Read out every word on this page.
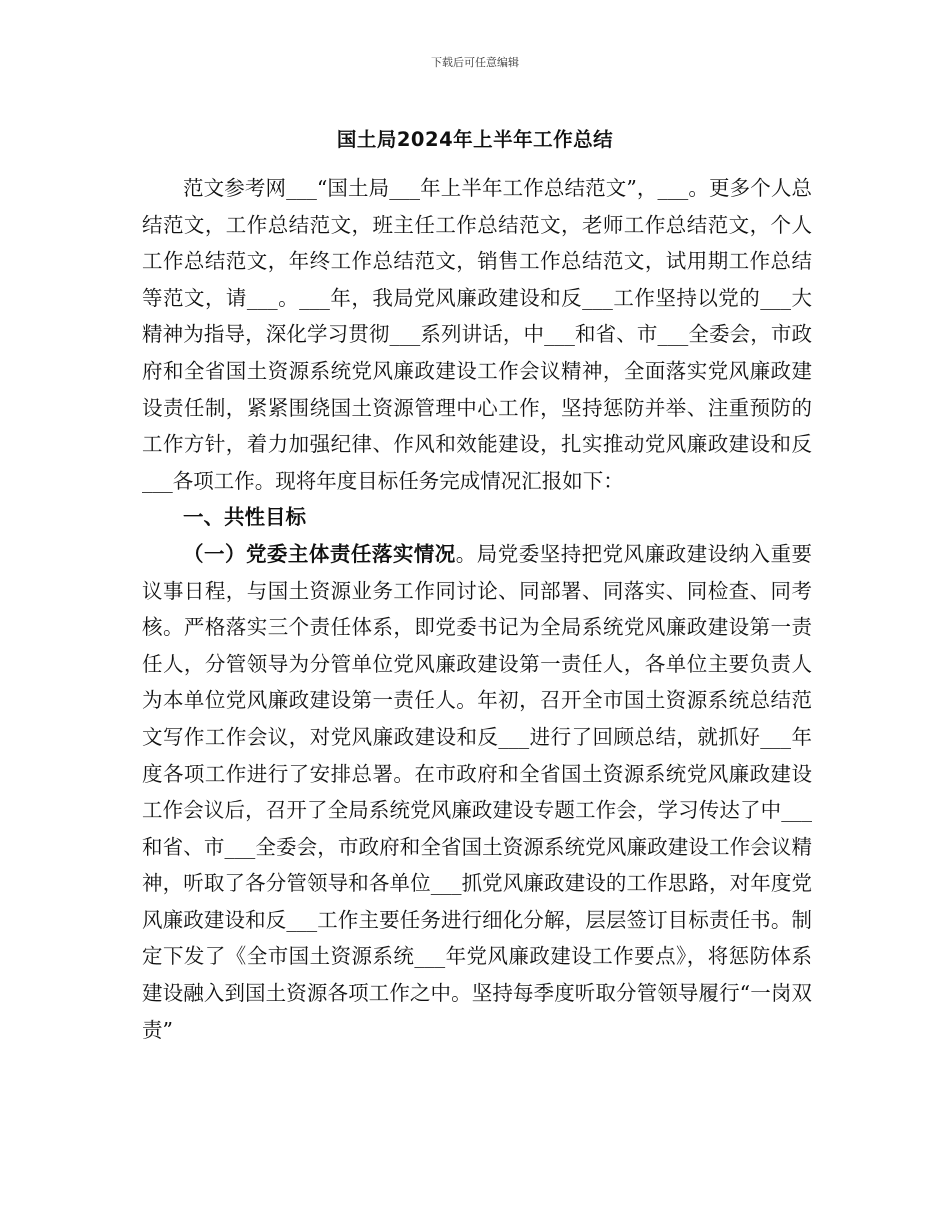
下载后可任意编辑
国土局2024年上半年工作总结

范文参考网___“国土局___年上半年工作总结范文”，___。更多个人总结范文，工作总结范文，班主任工作总结范文，老师工作总结范文，个人工作总结范文，年终工作总结范文，销售工作总结范文，试用期工作总结等范文，请___。___年，我局党风廉政建设和反___工作坚持以党的___大精神为指导，深化学习贯彻___系列讲话，中___和省、市___全委会，市政府和全省国土资源系统党风廉政建设工作会议精神，全面落实党风廉政建设责任制，紧紧围绕国土资源管理中心工作，坚持惩防并举、注重预防的工作方针，着力加强纪律、作风和效能建设，扎实推动党风廉政建设和反___各项工作。现将年度目标任务完成情况汇报如下：

一、共性目标

（一）党委主体责任落实情况。局党委坚持把党风廉政建设纳入重要议事日程，与国土资源业务工作同讨论、同部署、同落实、同检查、同考核。严格落实三个责任体系，即党委书记为全局系统党风廉政建设第一责任人，分管领导为分管单位党风廉政建设第一责任人，各单位主要负责人为本单位党风廉政建设第一责任人。年初，召开全市国土资源系统总结范文写作工作会议，对党风廉政建设和反___进行了回顾总结，就抓好___年度各项工作进行了安排总署。在市政府和全省国土资源系统党风廉政建设工作会议后，召开了全局系统党风廉政建设专题工作会，学习传达了中___和省、市___全委会，市政府和全省国土资源系统党风廉政建设工作会议精神，听取了各分管领导和各单位___抓党风廉政建设的工作思路，对年度党风廉政建设和反___工作主要任务进行细化分解，层层签订目标责任书。制定下发了《全市国土资源系统___年党风廉政建设工作要点》，将惩防体系建设融入到国土资源各项工作之中。坚持每季度听取分管领导履行“一岗双责”
